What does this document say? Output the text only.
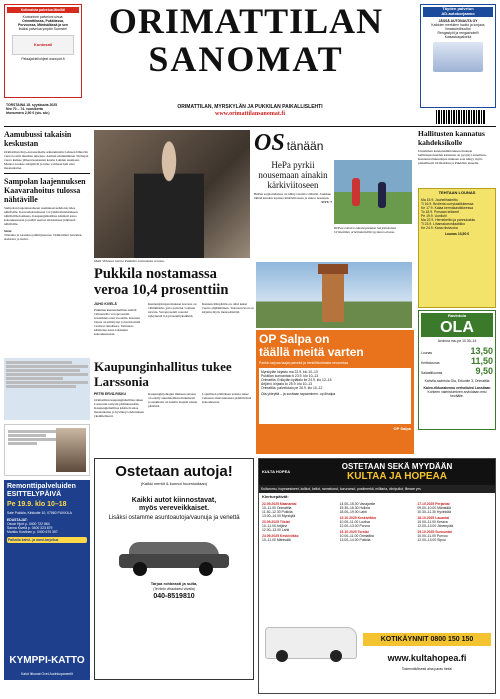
Kotimaista palvelua lähellä!
Kuntorinne palveluni sinua:
Orimattilassa, Pukkilassa,
Porvoossa, Mäntsälässä ja sen
lisäksi palvelua ympäri Suomen!
Kuntosali
Pelaajat:tel/ohjeet www.pkt.fi
ORIMATTILAN
SANOMAT
TORSTAINA 18. syyskuuta 2025
Nro 70 – 74. vuosikerta
Irtonumero 2,90 € (sis. alv.)
ORIMATTILAN, MYRSKYLÄN JA PUKKILAN PAIKALLISLEHTI
www.orimattilansanomat.fi
Täyden palvelun
AD-autokorjaamo
JÄSSÄ AUTONAUTA OY
Kaikkien merkkien huolto ja korjaus
Ilmastointihuollot
Rengastyöt ja rengashotelli
Katsastuspalvelut
Aamubussi takaisin keskustan
Orimattilan linja-autoasemalle arkiaamuisin Lahteen lähtevän vuoron reitti muuttuu taiteissa. Aamun ensimmäinen 30-linjan vuoro kulkee jälleen keskustan kautta Lahden suuntaan. Muutos koskee arkipäiviä ja tulee voimaan heti ensi maanantaina.
Sampolan laajennuksen Kaavarahoitus tulossa nähtäville
Sampolan laajennusalueen asemakaavaehdotus tulee nähtäville. Kaavaehdotuksesta voi jättää muistutuksen nähtävilläoloaikana. Kaupunginhallitus käsitteli asiaa kokouksessaan ja päätti asettaa ehdotuksen julkisesti nähtäville.
Sivut
Tiistaina ja torstaina pääkirjastossa, Orimattilan Sanomat. Aukiolot ja tiedot.
Matti Virkonen kertoo Pukkilan nostamasta verosta.
OS tänään
HePa pyrkii nousemaan ainakin kärkiviitoseen
HePan sarjaotteluissa on nähty tasaista vääntöä. Joukkue tähtää kauden lopussa kärkiviitoseen ja uskoo nousuun.
SIVU 7
HePan miesten edustusjoukkue harjoituksissa Orimattilan urheilukentällä syyskuun alussa.
Pukkila nostamassa veroa 10,4 prosenttiin
JUHO KIVELÄ
Pukkilan kunnanhallitus esittää valtuustolle veroprosentin nostamista ensi vuodelle. Kunnan talous on kiristynyt ja investoinnit vaativat rahoitusta. Valtuusto käsittelee asiaa lokakuun kokouksessaan.
Kunnanjohtajan mukaan korotus on välttämätön, jotta palvelut voidaan turvata. Veroprosentti nousisi nykyisestä 0,4 prosenttiyksikköä.
Kunnan tilinpäätös on ollut kaksi vuotta alijäämäinen. Talousarvioon on kirjattu myös menosäästöjä.
OP Salpa on
täällä meitä varten
Pankin tarjoaa laajat palvelut ja henkilökohtaista neuvontaa
Myrskylän kirjasto ma 22.9. klo 10–13
Pukkilan kunnantalo ti 23.9. klo 10–13
Orimattila, Erkkylän kylätalo ke 24.9. klo 12–15
Artjärvi, kirjasto to 25.9. klo 10–13
Orimattila, palvelutalo pe 26.9. klo 10–12
Ota yhteyttä – ja sovitaan tapaaminen. op.fi/salpa
OP Salpa
Kaupunginhallitus tukee Larssonia
PETRI ERVÄ-RISKU
Orimattilan kaupunginhallitus tukee Larssonin esitystä päätöksessään. Kaupunginhallitus käsitteli asiaa maanantaina ja hyväksyi ehdotuksen yksimielisesti.
Kaupunginjohtajan mukaan asiassa on edetty suunnitelman mukaisesti ja asukkaita on kuultu laajasti ennen päätöstä.
Lopullisen päätöksen asiasta tekee valtuusto marraskuussa pidettävässä kokouksessa.
Hallitusten kannatus kahdeksikolle
Uusimman kannatusmittauksen mukaan hallituspuolueiden kannatus on pysynyt ennallaan. Kunnanvaltuutettujen mukaan asia näkyy myös paikallisesti Orimattilan ja Pukkilan alueella.
TEHTAAN LOUNAS
Ma 15.9. Jauhelihakeitto
Ti 16.9. Broileria currykastikkeessa
Ke 17.9. Kalaa kermakastikkeessa
To 18.9. Porsaan leikkeet
Pe 19.9. Uunilohi
Ma 22.9. Hernekeitto ja pannukakku
Ti 23.9. Lihamakaronilaatikko
Ke 24.9. Kana-riisivuoka
Lounas 13,50 €
Ravintola
OLA
Avoinna ma–pe 10.30–14
Lounas	13,50
Keittolounas	11,50
Salaattilounas	9,50
Kahvila-ravintola Ola, Erkontie 3, Orimattila
Kaivo-rikkorakennu verhoiluksi Lassilaan
Kohteen valmistuminen arvioidaan ensi keväälle.
Remonttipalveluiden ESITTELYPÄIVÄ
Pe 19.9. klo 10–18
Sale Pukkila, Kirkkotie 10, 07560 PUKKILA
EDUSTAJAT:
Oscar Hjort p. 0400 722 864
Sanna Kivelä p. 0400 323 879
Markku Kostinen p. 0400 670 397
Paikalla kahvi- ja nami-tarjoilua
KYMPPI-KATTO
Katot liikunat Ovet Aurinkopaneelit
Ostetaan autoja!
(Kaikki merkit & kunnot huomioidaan)
Kaikki autot kiinnostavat,
myös vereveikkaiset.
Lisäksi ostamme asuntoautoja/vaunuja ja venettä
Tarjoa rohkeasti ja sulta,
(Tei tieto vihauksesi viivalla)
040-8519810
KULTA HOPEA
OSTETAAN SEKÄ MYYDÄÄN
KULTAA JA HOPEAA
Kultaromu, hopeaesineet, kolikot, kellot, rannekorut, koruromut, postimerkit, militaria, viinipullot, filmare ym.
Kiertuepäivät:
22.09.2025 Maanantai
10–11.00 Orimattila
11.30–12.30 Pukkila
13.00–14.00 Myrskylä
23.09.2025 Tiistai
10–11.00 Artjärvi
12.00–13.00 Lahti
24.09.2025 Keskiviikko
10–11.00 Mäntsälä
14.00–15.00 Vanajantie
15.30–16.30 Hollola
18.00–19.00 Lahti
15.10.2025 Keskiviikko
10.00–11.00 Loviisa
12.00–13.00 Porvoo
16.10.2025 Torstai
10.00–11.00 Orimattila
13.00–14.00 Pukkila
17.10.2025 Perjantai
09.00–10.00 Mäntsälä
10.30–11.30 Hyvinkää
18.10.2025 Lauantai
10.00–11.00 Kerava
12.00–13.00 Järvenpää
19.10.2025 Sunnuntai
10.00–11.00 Porvoo
12.00–13.00 Sipoo
KOTIKÄYNNIT 0800 150 150
www.kultahopea.fi
Todennäköisesti aina paras hinta!
